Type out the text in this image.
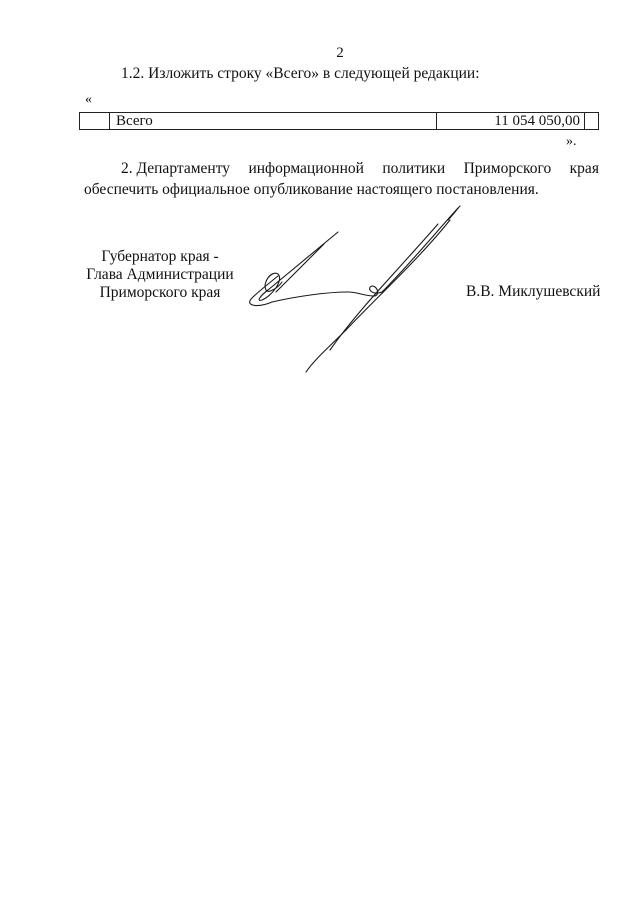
2
1.2. Изложить строку «Всего» в следующей редакции:
«
Всего	11 054 050,00
».
2. Департаменту информационной политики Приморского края
обеспечить официальное опубликование настоящего постановления.
Губернатор края -
Глава Администрации
Приморского края	В.В. Миклушевский
